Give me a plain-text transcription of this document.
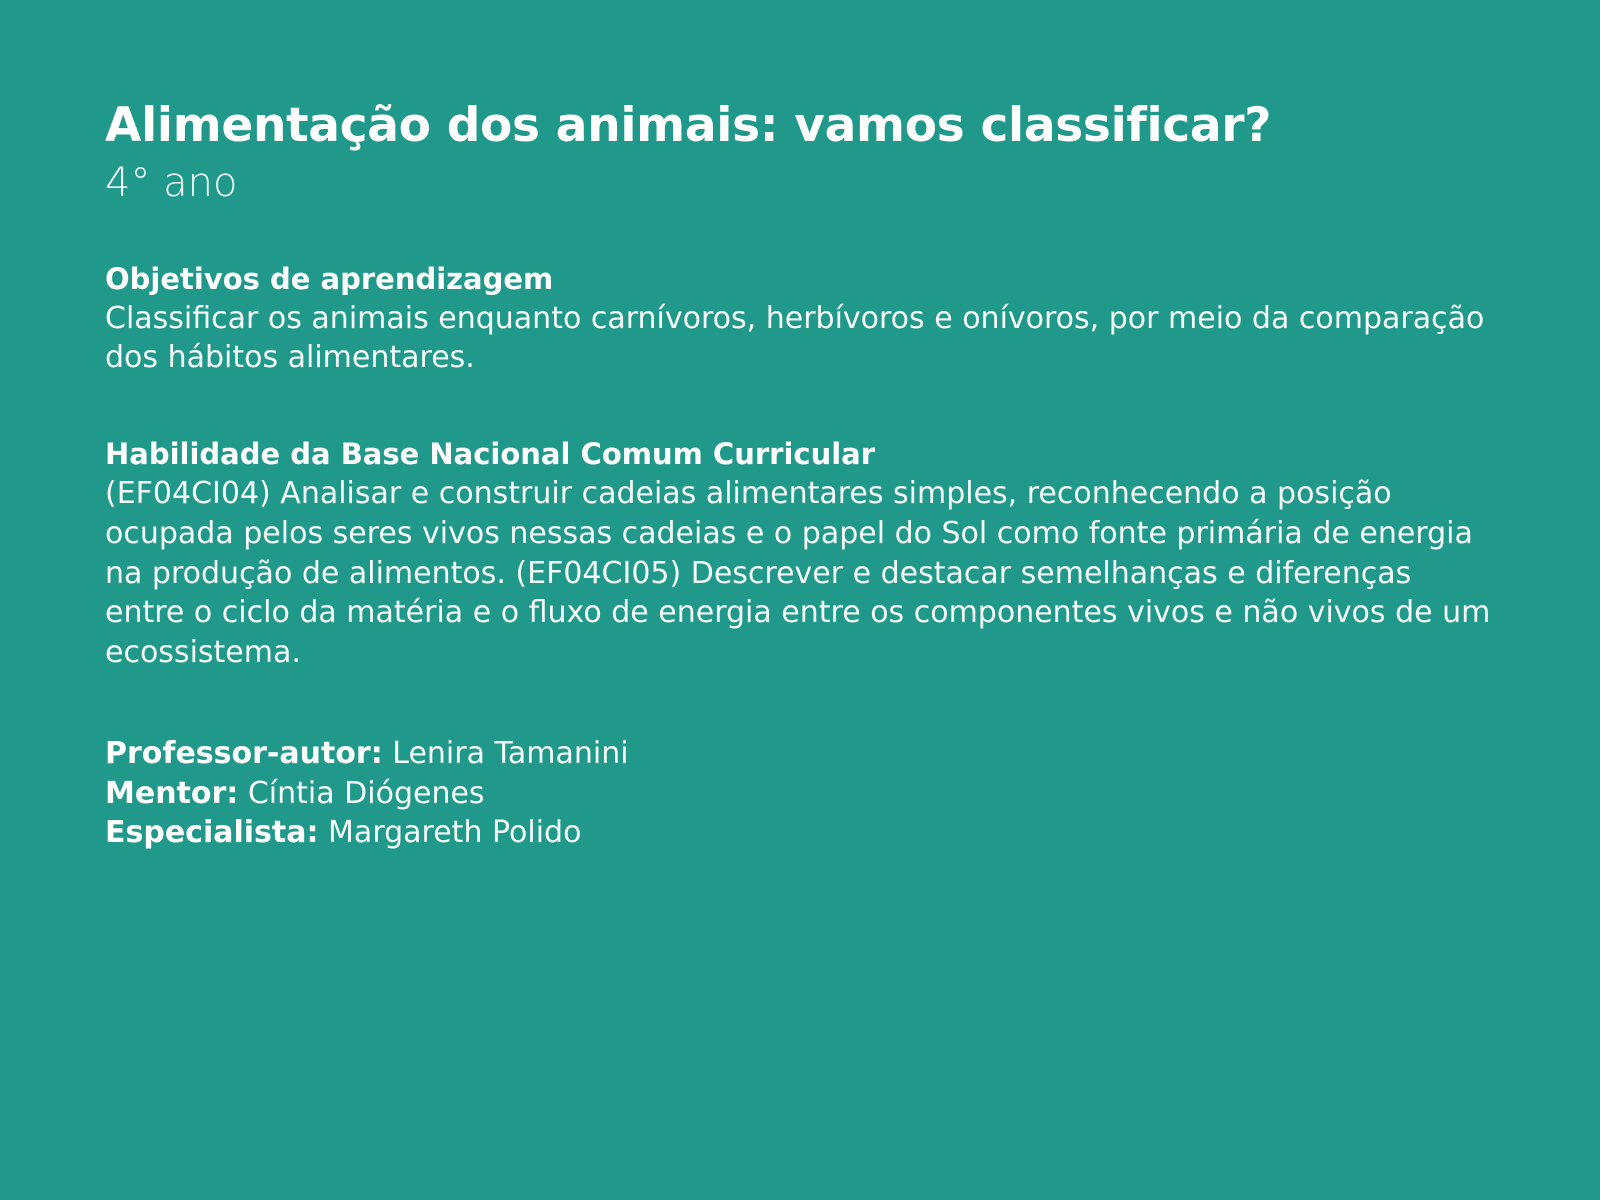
Alimentação dos animais: vamos classificar?
4° ano
Objetivos de aprendizagem

Classificar os animais enquanto carnívoros, herbívoros e onívoros, por meio da comparação dos hábitos alimentares.

Habilidade da Base Nacional Comum Curricular

(EF04CI04) Analisar e construir cadeias alimentares simples, reconhecendo a posição ocupada pelos seres vivos nessas cadeias e o papel do Sol como fonte primária de energia na produção de alimentos. (EF04CI05) Descrever e destacar semelhanças e diferenças entre o ciclo da matéria e o fluxo de energia entre os componentes vivos e não vivos de um ecossistema.

Professor-autor: Lenira Tamanini

Mentor: Cíntia Diógenes

Especialista: Margareth Polido
